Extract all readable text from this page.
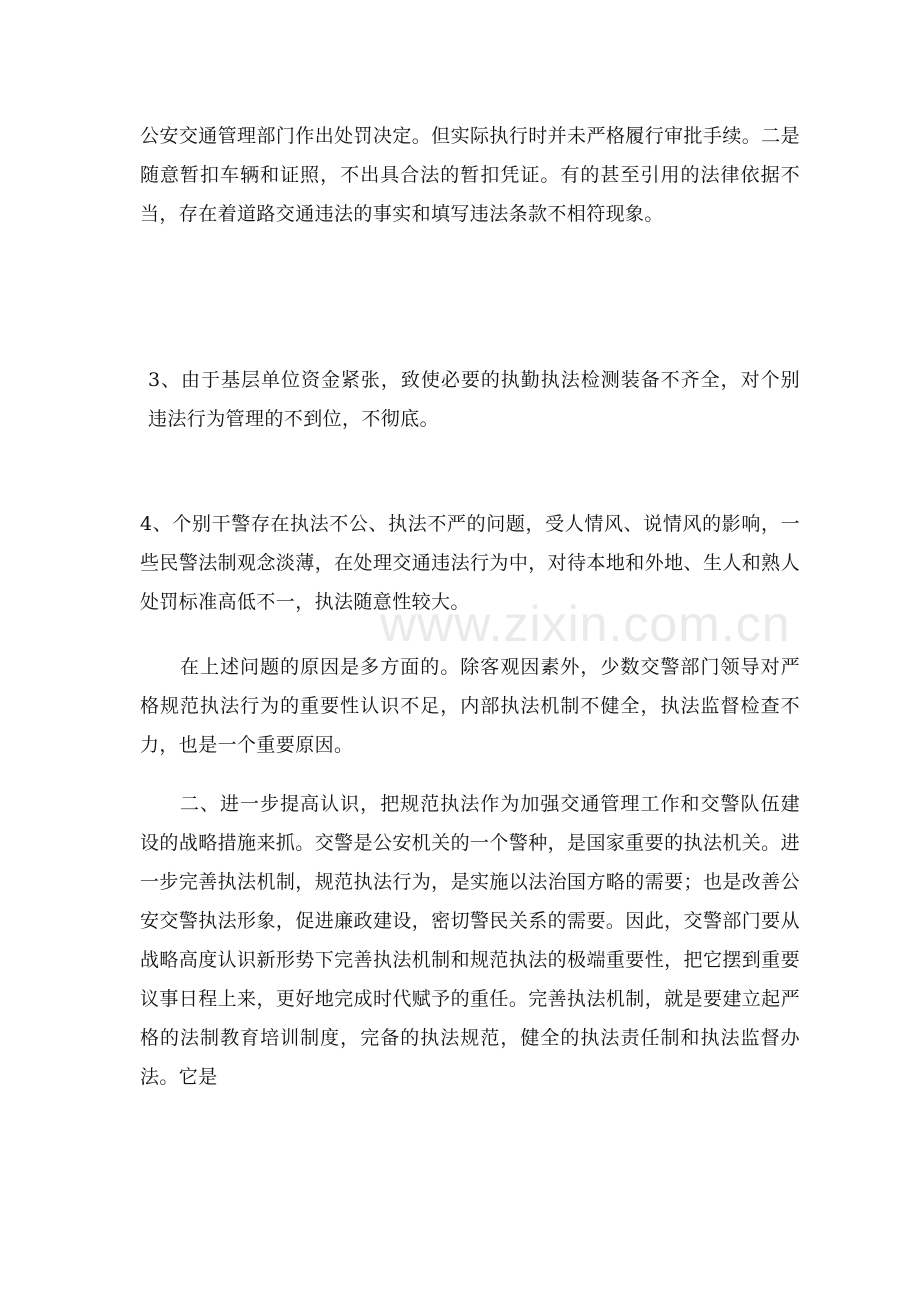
公安交通管理部门作出处罚决定。但实际执行时并未严格履行审批手续。二是随意暂扣车辆和证照，不出具合法的暂扣凭证。有的甚至引用的法律依据不当，存在着道路交通违法的事实和填写违法条款不相符现象。

3、由于基层单位资金紧张，致使必要的执勤执法检测装备不齐全，对个别违法行为管理的不到位，不彻底。

4、个别干警存在执法不公、执法不严的问题，受人情风、说情风的影响，一些民警法制观念淡薄，在处理交通违法行为中，对待本地和外地、生人和熟人处罚标准高低不一，执法随意性较大。

在上述问题的原因是多方面的。除客观因素外，少数交警部门领导对严格规范执法行为的重要性认识不足，内部执法机制不健全，执法监督检查不力，也是一个重要原因。

二、进一步提高认识，把规范执法作为加强交通管理工作和交警队伍建设的战略措施来抓。交警是公安机关的一个警种，是国家重要的执法机关。进一步完善执法机制，规范执法行为，是实施以法治国方略的需要；也是改善公安交警执法形象，促进廉政建设，密切警民关系的需要。因此，交警部门要从战略高度认识新形势下完善执法机制和规范执法的极端重要性，把它摆到重要议事日程上来，更好地完成时代赋予的重任。完善执法机制，就是要建立起严格的法制教育培训制度，完备的执法规范，健全的执法责任制和执法监督办法。它是

www.zixin.com.cn
